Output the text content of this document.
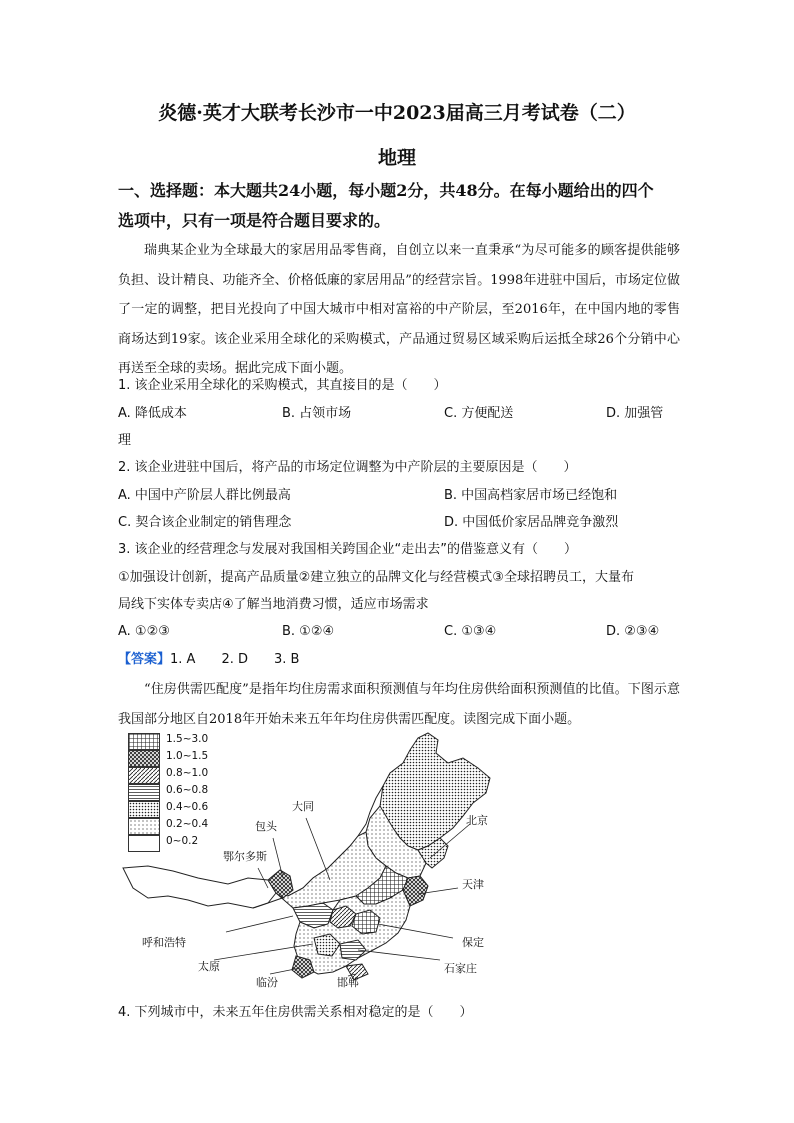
炎德·英才大联考长沙市一中2023届高三月考试卷（二）
地理
一、选择题：本大题共24小题，每小题2分，共48分。在每小题给出的四个
选项中，只有一项是符合题目要求的。
瑞典某企业为全球最大的家居用品零售商，自创立以来一直秉承“为尽可能多的顾客提供能够负担、设计精良、功能齐全、价格低廉的家居用品”的经营宗旨。1998年进驻中国后，市场定位做了一定的调整，把目光投向了中国大城市中相对富裕的中产阶层，至2016年，在中国内地的零售商场达到19家。该企业采用全球化的采购模式，产品通过贸易区域采购后运抵全球26个分销中心再送至全球的卖场。据此完成下面小题。
1. 该企业采用全球化的采购模式，其直接目的是（　　）
A. 降低成本	B. 占领市场	C. 方便配送	D. 加强管
理
2. 该企业进驻中国后，将产品的市场定位调整为中产阶层的主要原因是（　　）
A. 中国中产阶层人群比例最高	B. 中国高档家居市场已经饱和
C. 契合该企业制定的销售理念	D. 中国低价家居品牌竞争激烈
3. 该企业的经营理念与发展对我国相关跨国企业“走出去”的借鉴意义有（　　）
①加强设计创新，提高产品质量②建立独立的品牌文化与经营模式③全球招聘员工，大量布
局线下实体专卖店④了解当地消费习惯，适应市场需求
A. ①②③	B. ①②④	C. ①③④	D. ②③④
【答案】1. A　　2. D　　3. B
“住房供需匹配度”是指年均住房需求面积预测值与年均住房供给面积预测值的比值。下图示意我国部分地区自2018年开始未来五年年均住房供需匹配度。读图完成下面小题。
1.5~3.0
1.0~1.5
0.8~1.0
0.6~0.8
0.4~0.6
0.2~0.4
0~0.2
大同
包头	北京
鄂尔多斯
天津
呼和浩特	保定
太原	石家庄
临汾	邯郸
4. 下列城市中，未来五年住房供需关系相对稳定的是（　　）
